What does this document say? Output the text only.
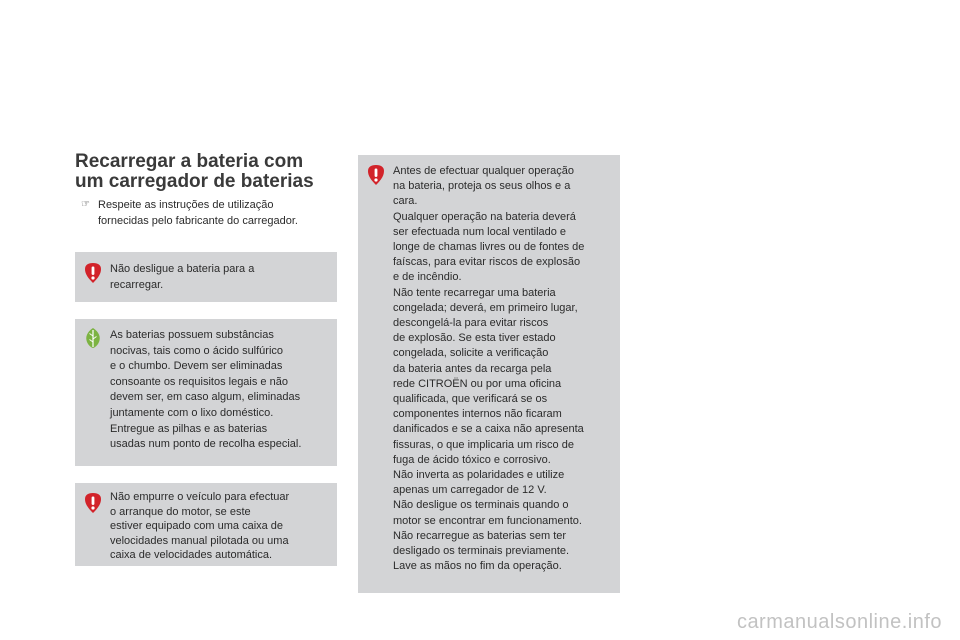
Recarregar a bateria com
um carregador de baterias
☞ Respeite as instruções de utilização
fornecidas pelo fabricante do carregador.
Não desligue a bateria para a
recarregar.
As baterias possuem substâncias
nocivas, tais como o ácido sulfúrico
e o chumbo. Devem ser eliminadas
consoante os requisitos legais e não
devem ser, em caso algum, eliminadas
juntamente com o lixo doméstico.
Entregue as pilhas e as baterias
usadas num ponto de recolha especial.
Não empurre o veículo para efectuar
o arranque do motor, se este
estiver equipado com uma caixa de
velocidades manual pilotada ou uma
caixa de velocidades automática.
Antes de efectuar qualquer operação
na bateria, proteja os seus olhos e a
cara.
Qualquer operação na bateria deverá
ser efectuada num local ventilado e
longe de chamas livres ou de fontes de
faíscas, para evitar riscos de explosão
e de incêndio.
Não tente recarregar uma bateria
congelada; deverá, em primeiro lugar,
descongelá-la para evitar riscos
de explosão. Se esta tiver estado
congelada, solicite a verificação
da bateria antes da recarga pela
rede CITROËN ou por uma oficina
qualificada, que verificará se os
componentes internos não ficaram
danificados e se a caixa não apresenta
fissuras, o que implicaria um risco de
fuga de ácido tóxico e corrosivo.
Não inverta as polaridades e utilize
apenas um carregador de 12 V.
Não desligue os terminais quando o
motor se encontrar em funcionamento.
Não recarregue as baterias sem ter
desligado os terminais previamente.
Lave as mãos no fim da operação.
carmanualsonline.info
